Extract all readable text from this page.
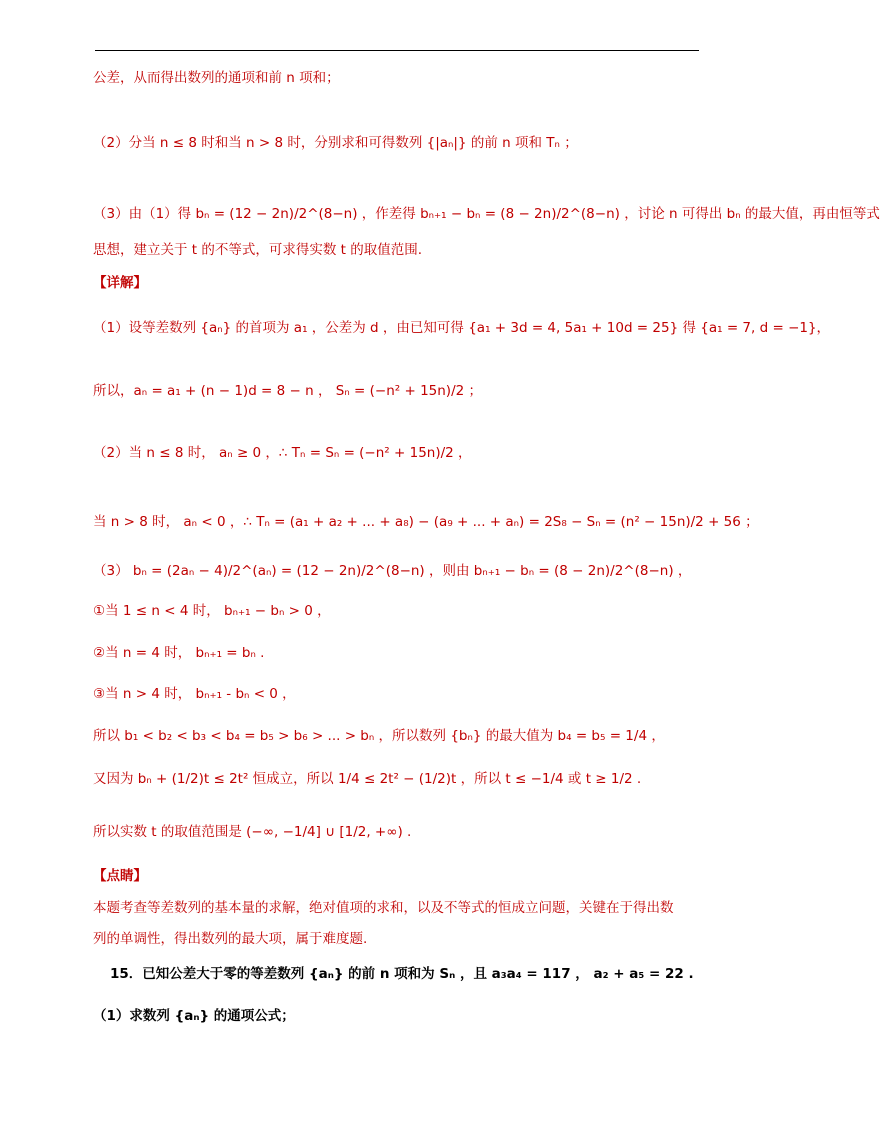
公差，从而得出数列的通项和前 n 项和；
（2）分当 n ≤ 8 时和当 n > 8 时，分别求和可得数列 {|aₙ|} 的前 n 项和 Tₙ ；
（3）由（1）得 bₙ = (12 − 2n)/2^(8−n) ，作差得 bₙ₊₁ − bₙ = (8 − 2n)/2^(8−n) ，讨论 n 可得出 bₙ 的最大值，再由恒等式
思想，建立关于 t 的不等式，可求得实数 t 的取值范围.
【详解】
（1）设等差数列 {aₙ} 的首项为 a₁ ，公差为 d ，由已知可得 {a₁ + 3d = 4, 5a₁ + 10d = 25} 得 {a₁ = 7, d = −1}，
所以，aₙ = a₁ + (n − 1)d = 8 − n ， Sₙ = (−n² + 15n)/2 ；
（2）当 n ≤ 8 时， aₙ ≥ 0 ，∴ Tₙ = Sₙ = (−n² + 15n)/2 ，
当 n > 8 时， aₙ < 0 ，∴ Tₙ = (a₁ + a₂ + ... + a₈) − (a₉ + ... + aₙ) = 2S₈ − Sₙ = (n² − 15n)/2 + 56 ；
（3） bₙ = (2aₙ − 4)/2^(aₙ) = (12 − 2n)/2^(8−n) ，则由 bₙ₊₁ − bₙ = (8 − 2n)/2^(8−n) ，
①当 1 ≤ n < 4 时， bₙ₊₁ − bₙ > 0 ，
②当 n = 4 时， bₙ₊₁ = bₙ .
③当 n > 4 时， bₙ₊₁ - bₙ < 0 ，
所以 b₁ < b₂ < b₃ < b₄ = b₅ > b₆ > ... > bₙ ，所以数列 {bₙ} 的最大值为 b₄ = b₅ = 1/4 ，
又因为 bₙ + (1/2)t ≤ 2t² 恒成立，所以 1/4 ≤ 2t² − (1/2)t ，所以 t ≤ −1/4 或 t ≥ 1/2 .
所以实数 t 的取值范围是 (−∞, −1/4] ∪ [1/2, +∞) .
【点睛】
本题考查等差数列的基本量的求解，绝对值项的求和，以及不等式的恒成立问题，关键在于得出数
列的单调性，得出数列的最大项，属于难度题.
15．已知公差大于零的等差数列 {aₙ} 的前 n 项和为 Sₙ ，且 a₃a₄ = 117 ， a₂ + a₅ = 22 .
（1）求数列 {aₙ} 的通项公式；
